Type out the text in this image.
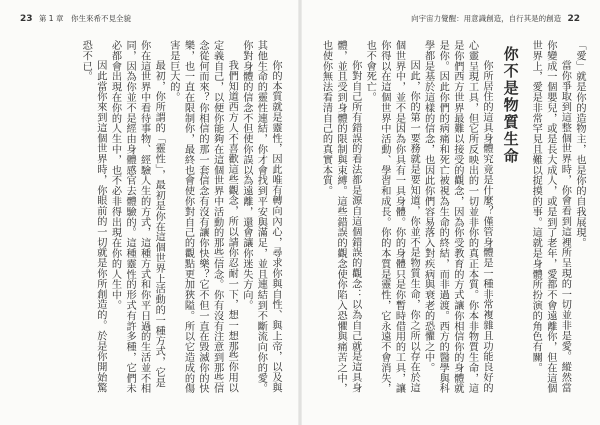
23 第 1 章　你生來希不見全貌

你的本質就是靈性，因此唯有轉向內心，尋求你與自性、與上帝，以及與其他生命的靈性連結，你才會找到平安與滿足，並且連結到不斷流向你的愛。你對身體的信念不但使你誤以為遠離，還會讓你迷失方向。

我們知道西方人不喜歡這些觀念，所以請你忍耐一下，想一想那些你用以定義自己，以便你能夠在這個世界中活動的那些信念。你有沒有注意到那些信念從何而來？你相信的那一套信念有沒有讓你快樂？它不但一直在毀滅你的快樂，也一直在限制你，最終也會使你對自己的觀點更加狹隘。所以它造成的傷害是巨大的。

最初，你所謂的「靈性」，最初是你在這個世界上活動的一種方式，它是你在這世界中看待事物、經驗人生的方式，這種方式和你平日過的生活並不相同，因為你並不是經由身體感官去體驗的。這種靈性的形式有許多種，它們未必都會出現在你的人生中，也不必非得出現在你的人生中。

因此當你來到這個世界時，你眼前的一切就是你所創造的。於是你開始驚恐不已。

向宇宙力覺醒：用意識創造，自行其是的創造 22

「愛」就是你的造物主，也是你的自我展現。

當你爭取到這整個世界時，你會看到這裡所呈現的一切並非是愛。縱然當你變成一個嬰兒，或是長大成人，或是到了老年，愛都不會遠離你，但在這個世界上，愛是非常罕見且難以捉摸的事。這就是身體所扮演的角色有關。

你不是物質生命

你所居住的這具身體究竟是什麼？僅管身體是一種非常複雜且功能良好的心靈呈現工具，但它所反映出的一切並非你的真正本質。你本非物質生命，這是你們西方世界最難以接受的觀念，因為你受教育的方式讓你相信你的身體就是你。因此你們的病痛和死亡被視為生命的終結，而非過渡。西方的醫學與科學都是基於這樣的信念，也因此你們容易落入對疾病與衰老的恐懼之中。

因此，你的第一要務就是要知道，你並不是物質生命，你之所以存在於這個世界中，並不是因為你具有一具身體。你的身體只是你暫時借用的工具，讓你得以在這個世界中活動、學習和成長。你的本質是靈性，它永遠不會消失，也不會死亡。

你對自己所有錯誤的看法都是源自這個錯誤的觀念：以為自己就是這具身體，並且受到身體的限制與束縛。這些錯誤的觀念使你陷入恐懼與痛苦之中，也使你無法看清自己的真實本質。
